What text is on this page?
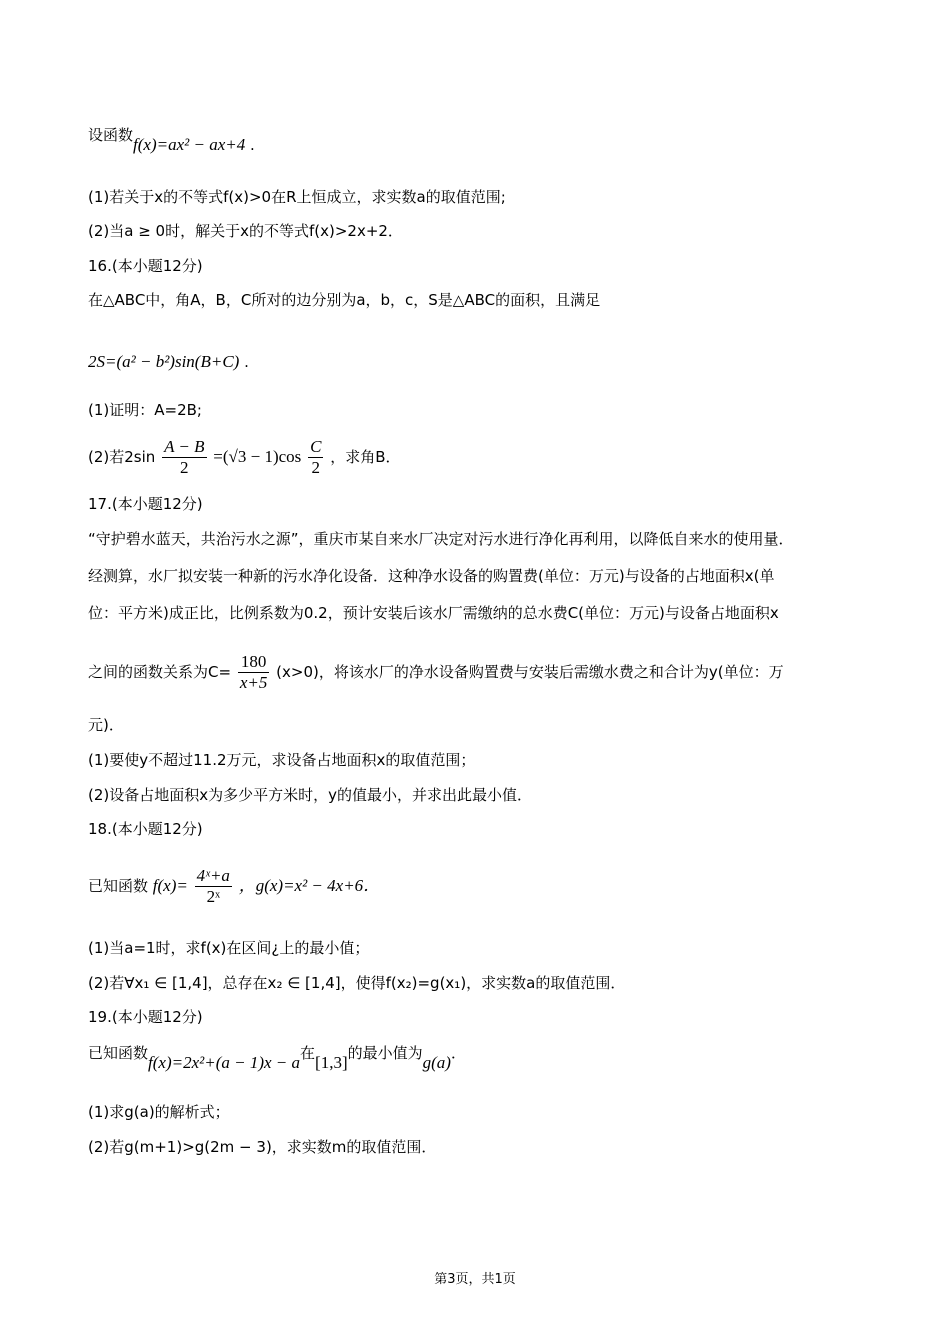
设函数f(x)=ax² − ax+4 .
(1)若关于x的不等式f(x)>0在R上恒成立，求实数a的取值范围;
(2)当a ≥ 0时，解关于x的不等式f(x)>2x+2．
16.(本小题12分)
在△ABC中，角A，B，C所对的边分别为a，b，c，S是△ABC的面积，且满足
2S=(a² − b²)sin(B+C) .
(1)证明：A=2B;
(2)若$2\sin \frac{A - B}{2} =(√3 - 1)\cos \frac{C}{2}$ ，求角B．
17.(本小题12分)
“守护碧水蓝天，共治污水之源”，重庆市某自来水厂决定对污水进行净化再利用，以降低自来水的使用量．
经测算，水厂拟安装一种新的污水净化设备．这种净水设备的购置费(单位：万元)与设备的占地面积x(单
位：平方米)成正比，比例系数为0.2，预计安装后该水厂需缴纳的总水费C(单位：万元)与设备占地面积x
之间的函数关系为$C= \frac{180}{x+5} (x>0)$，将该水厂的净水设备购置费与安装后需缴水费之和合计为y(单位：万
元)．
(1)要使y不超过11.2万元，求设备占地面积x的取值范围；
(2)设备占地面积x为多少平方米时，y的值最小，并求出此最小值．
18.(本小题12分)
已知函数 $f(x)= \frac{\text{4ˣ+a}}{\text{2ˣ}}$ ，g(x)=x² − 4x+6．
(1)当a=1时，求f(x)在区间¿上的最小值；
(2)若∀x₁ ∈ [1,4]，总存在x₂ ∈ [1,4]，使得f(x₂)=g(x₁)，求实数a的取值范围．
19.(本小题12分)
已知函数f(x)=2x²+(a − 1)x − a在[1,3]的最小值为g(a)．
(1)求g(a)的解析式；
(2)若g(m+1)>g(2m − 3)，求实数m的取值范围．
第3页，共1页
